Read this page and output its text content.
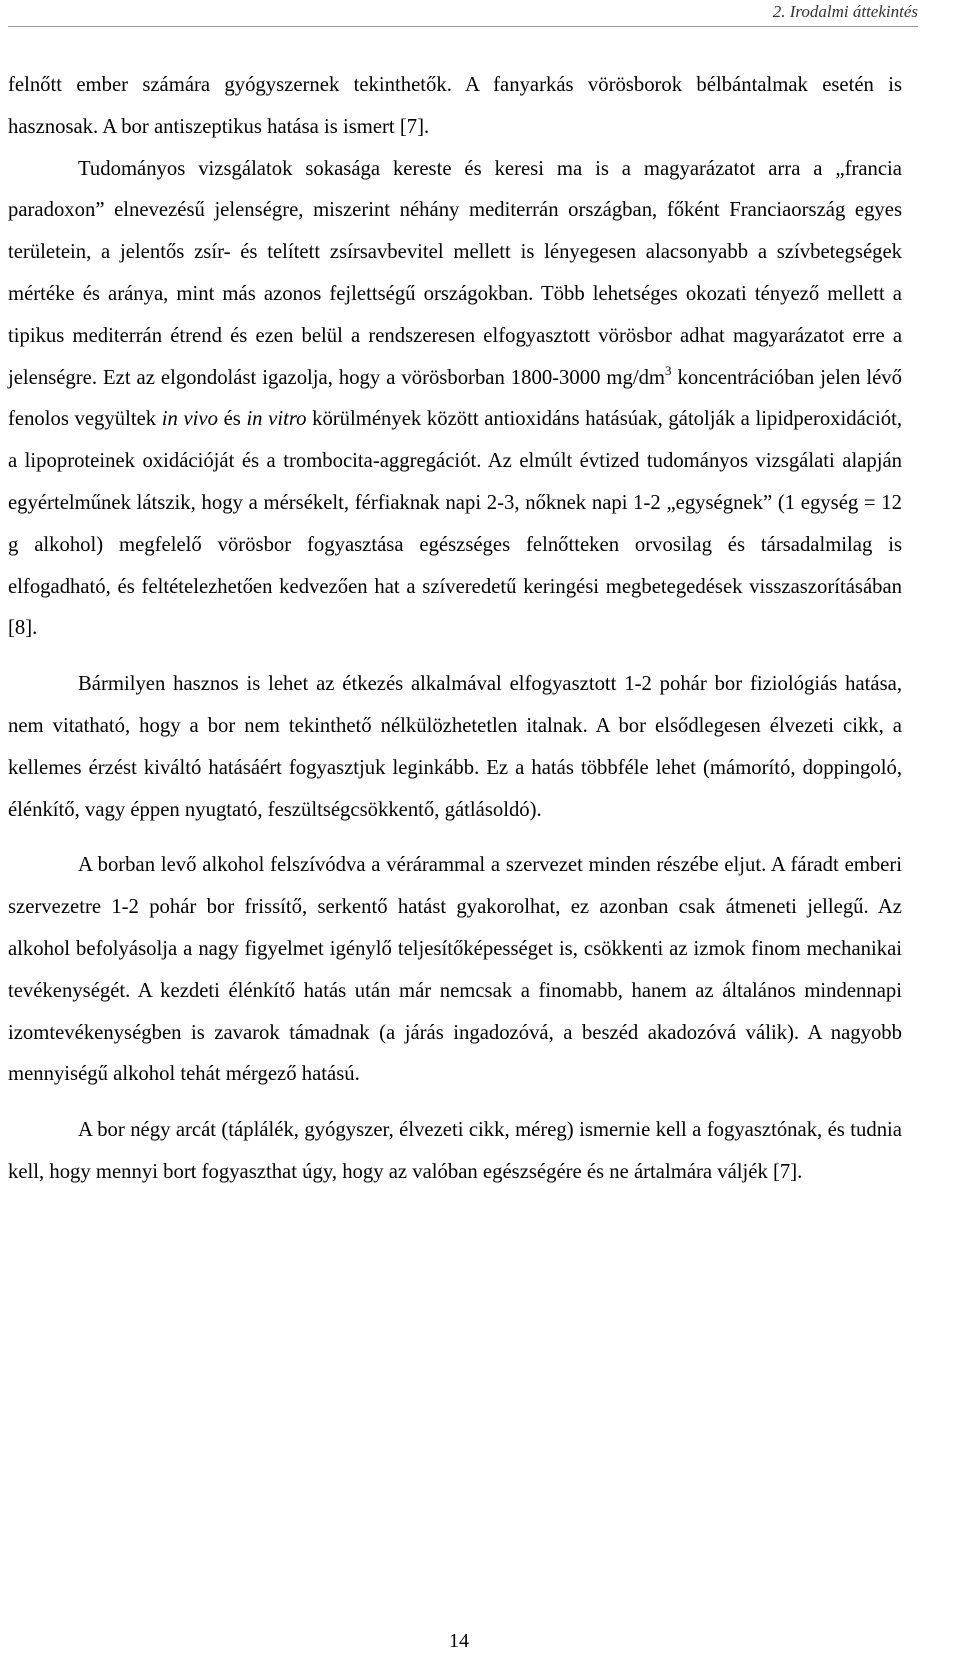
2. Irodalmi áttekintés

felnőtt ember számára gyógyszernek tekinthetők. A fanyarkás vörösborok bélbántalmak esetén is hasznosak. A bor antiszeptikus hatása is ismert [7].

Tudományos vizsgálatok sokasága kereste és keresi ma is a magyarázatot arra a „francia paradoxon” elnevezésű jelenségre, miszerint néhány mediterrán országban, főként Franciaország egyes területein, a jelentős zsír- és telített zsírsavbevitel mellett is lényegesen alacsonyabb a szívbetegségek mértéke és aránya, mint más azonos fejlettségű országokban. Több lehetséges okozati tényező mellett a tipikus mediterrán étrend és ezen belül a rendszeresen elfogyasztott vörösbor adhat magyarázatot erre a jelenségre. Ezt az elgondolást igazolja, hogy a vörösborban 1800-3000 $mg/dm^3$ koncentrációban jelen lévő fenolos vegyültek in vivo és in vitro körülmények között antioxidáns hatásúak, gátolják a lipidperoxidációt, a lipoproteinek oxidációját és a trombocita-aggregációt. Az elmúlt évtized tudományos vizsgálati alapján egyértelműnek látszik, hogy a mérsékelt, férfiaknak napi 2-3, nőknek napi 1-2 „egységnek” (1 egység = 12 g alkohol) megfelelő vörösbor fogyasztása egészséges felnőtteken orvosilag és társadalmilag is elfogadható, és feltételezhetően kedvezően hat a szíveredetű keringési megbetegedések visszaszorításában [8].

Bármilyen hasznos is lehet az étkezés alkalmával elfogyasztott 1-2 pohár bor fiziológiás hatása, nem vitatható, hogy a bor nem tekinthető nélkülözhetetlen italnak. A bor elsődlegesen élvezeti cikk, a kellemes érzést kiváltó hatásáért fogyasztjuk leginkább. Ez a hatás többféle lehet (mámorító, doppingoló, élénkítő, vagy éppen nyugtató, feszültségcsökkentő, gátlásoldó).

A borban levő alkohol felszívódva a vérárammal a szervezet minden részébe eljut. A fáradt emberi szervezetre 1-2 pohár bor frissítő, serkentő hatást gyakorolhat, ez azonban csak átmeneti jellegű. Az alkohol befolyásolja a nagy figyelmet igénylő teljesítőképességet is, csökkenti az izmok finom mechanikai tevékenységét. A kezdeti élénkítő hatás után már nemcsak a finomabb, hanem az általános mindennapi izomtevékenységben is zavarok támadnak (a járás ingadozóvá, a beszéd akadozóvá válik). A nagyobb mennyiségű alkohol tehát mérgező hatású.

A bor négy arcát (táplálék, gyógyszer, élvezeti cikk, méreg) ismernie kell a fogyasztónak, és tudnia kell, hogy mennyi bort fogyaszthat úgy, hogy az valóban egészségére és ne ártalmára váljék [7].

14
